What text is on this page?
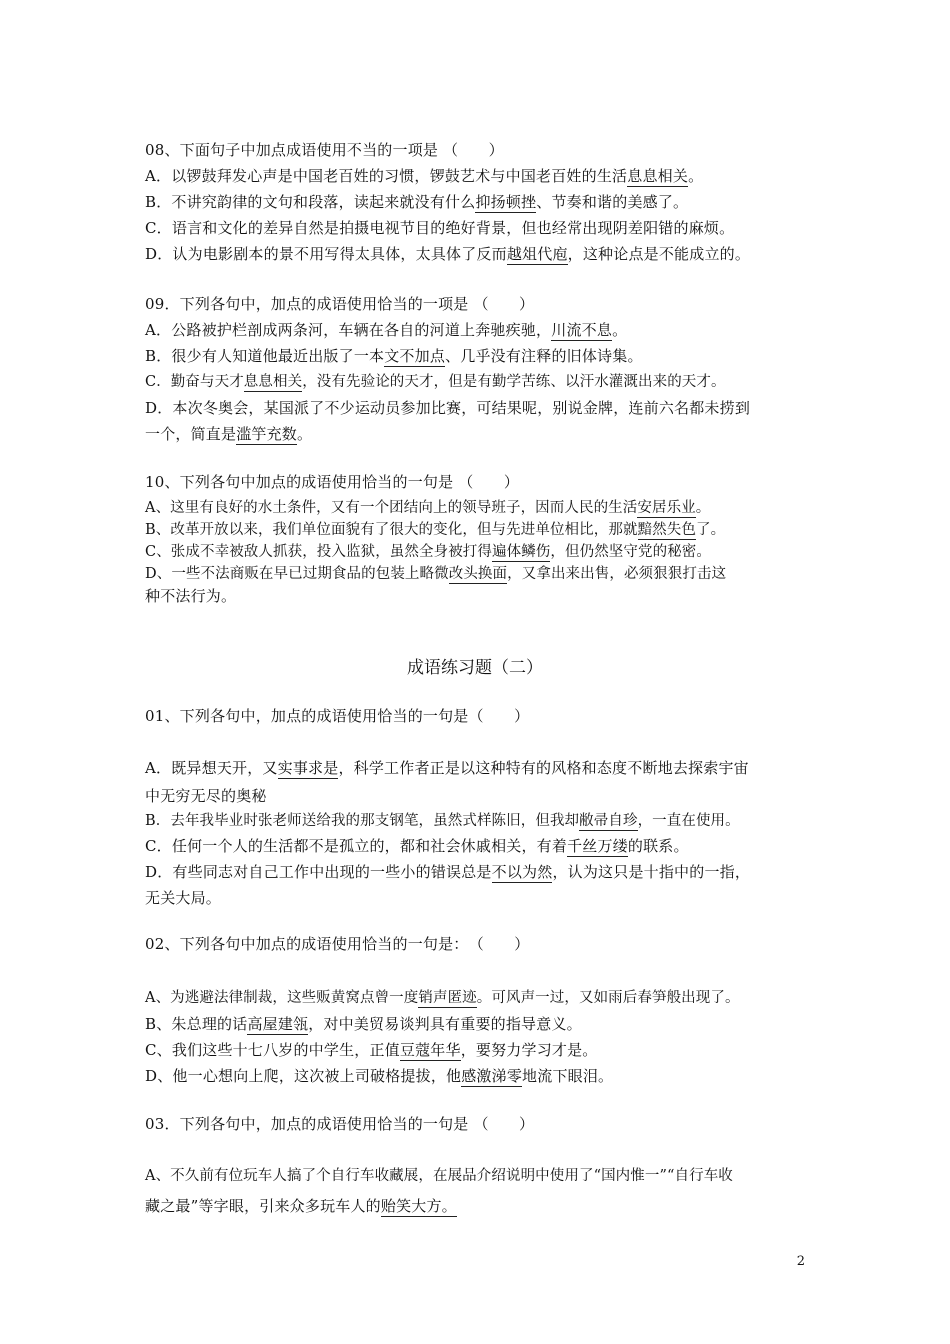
08、下面句子中加点成语使用不当的一项是 （　　）
A．以锣鼓拜发心声是中国老百姓的习惯，锣鼓艺术与中国老百姓的生活息息相关。
B．不讲究韵律的文句和段落，读起来就没有什么抑扬顿挫、节奏和谐的美感了。
C．语言和文化的差异自然是拍摄电视节目的绝好背景，但也经常出现阴差阳错的麻烦。
D．认为电影剧本的景不用写得太具体，太具体了反而越俎代庖，这种论点是不能成立的。
09．下列各句中，加点的成语使用恰当的一项是 （　　）
A．公路被护栏剖成两条河，车辆在各自的河道上奔驰疾驰，川流不息。
B．很少有人知道他最近出版了一本文不加点、几乎没有注释的旧体诗集。
C．勤奋与天才息息相关，没有先验论的天才，但是有勤学苦练、以汗水灌溉出来的天才。
D．本次冬奥会，某国派了不少运动员参加比赛，可结果呢，别说金牌，连前六名都未捞到
一个，简直是滥竽充数。
10、下列各句中加点的成语使用恰当的一句是 （　　）
A、这里有良好的水土条件，又有一个团结向上的领导班子，因而人民的生活安居乐业。
B、改革开放以来，我们单位面貌有了很大的变化，但与先进单位相比，那就黯然失色了。
C、张成不幸被敌人抓获，投入监狱，虽然全身被打得遍体鳞伤，但仍然坚守党的秘密。
D、一些不法商贩在早已过期食品的包装上略微改头换面，又拿出来出售，必须狠狠打击这
种不法行为。
成语练习题（二）
01、下列各句中，加点的成语使用恰当的一句是（　　）
A．既异想天开，又实事求是，科学工作者正是以这种特有的风格和态度不断地去探索宇宙
中无穷无尽的奥秘
B．去年我毕业时张老师送给我的那支钢笔，虽然式样陈旧，但我却敝帚自珍，一直在使用。
C．任何一个人的生活都不是孤立的，都和社会休戚相关，有着千丝万缕的联系。
D．有些同志对自己工作中出现的一些小的错误总是不以为然，认为这只是十指中的一指，
无关大局。
02、下列各句中加点的成语使用恰当的一句是：　（　　）
A、为逃避法律制裁，这些贩黄窝点曾一度销声匿迹。可风声一过，又如雨后春笋般出现了。
B、朱总理的话高屋建瓴，对中美贸易谈判具有重要的指导意义。
C、我们这些十七八岁的中学生，正值豆蔻年华，要努力学习才是。
D、他一心想向上爬，这次被上司破格提拔，他感激涕零地流下眼泪。
03．下列各句中，加点的成语使用恰当的一句是 （　　）
A、不久前有位玩车人搞了个自行车收藏展，在展品介绍说明中使用了“国内惟一”“自行车收
藏之最”等字眼，引来众多玩车人的贻笑大方。
2
